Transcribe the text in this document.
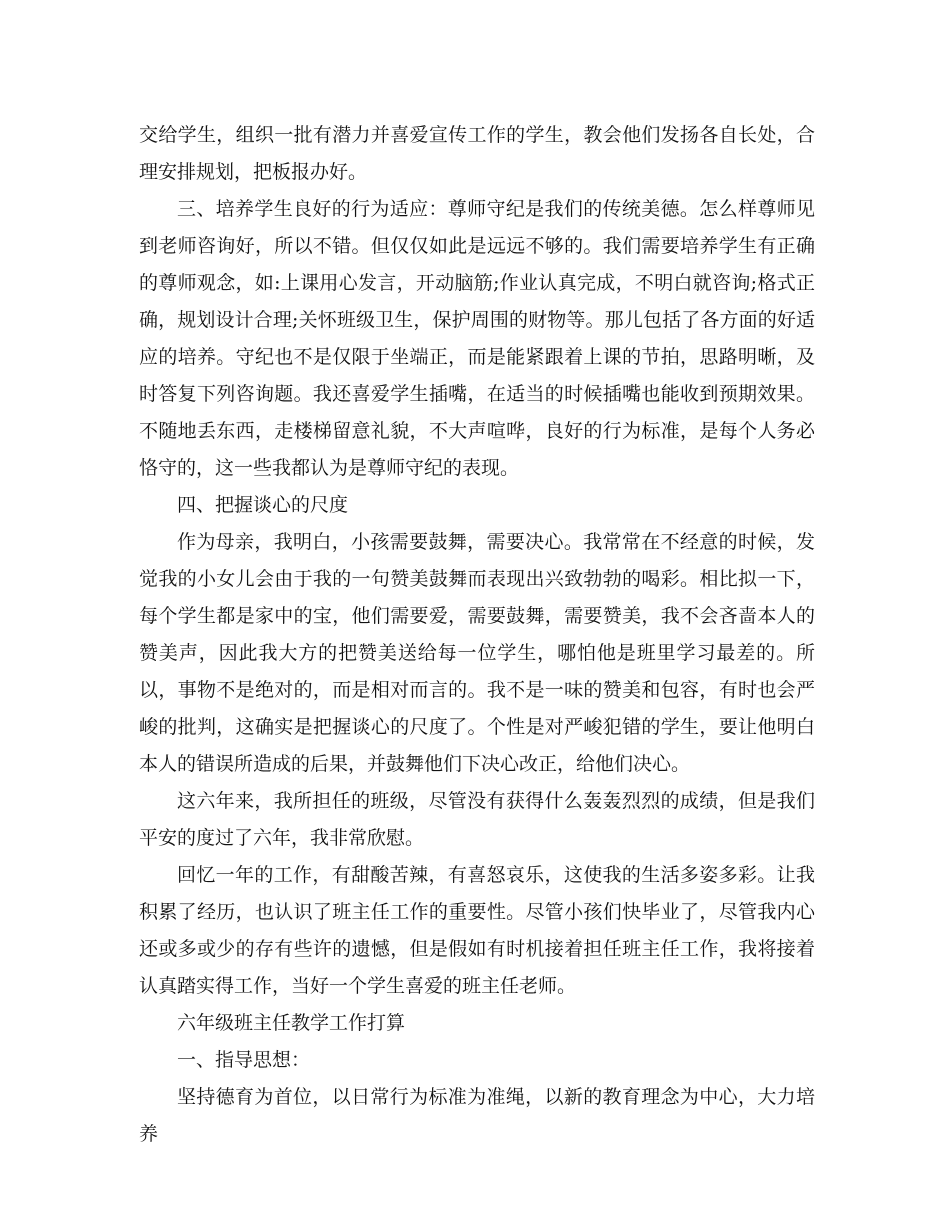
交给学生，组织一批有潜力并喜爱宣传工作的学生，教会他们发扬各自长处，合理安排规划，把板报办好。

三、培养学生良好的行为适应：尊师守纪是我们的传统美德。怎么样尊师见到老师咨询好，所以不错。但仅仅如此是远远不够的。我们需要培养学生有正确的尊师观念，如:上课用心发言，开动脑筋;作业认真完成，不明白就咨询;格式正确，规划设计合理;关怀班级卫生，保护周围的财物等。那儿包括了各方面的好适应的培养。守纪也不是仅限于坐端正，而是能紧跟着上课的节拍，思路明晰，及时答复下列咨询题。我还喜爱学生插嘴，在适当的时候插嘴也能收到预期效果。不随地丢东西，走楼梯留意礼貌，不大声喧哗，良好的行为标准，是每个人务必恪守的，这一些我都认为是尊师守纪的表现。

四、把握谈心的尺度

作为母亲，我明白，小孩需要鼓舞，需要决心。我常常在不经意的时候，发觉我的小女儿会由于我的一句赞美鼓舞而表现出兴致勃勃的喝彩。相比拟一下，每个学生都是家中的宝，他们需要爱，需要鼓舞，需要赞美，我不会吝啬本人的赞美声，因此我大方的把赞美送给每一位学生，哪怕他是班里学习最差的。所以，事物不是绝对的，而是相对而言的。我不是一味的赞美和包容，有时也会严峻的批判，这确实是把握谈心的尺度了。个性是对严峻犯错的学生，要让他明白本人的错误所造成的后果，并鼓舞他们下决心改正，给他们决心。

这六年来，我所担任的班级，尽管没有获得什么轰轰烈烈的成绩，但是我们平安的度过了六年，我非常欣慰。

回忆一年的工作，有甜酸苦辣，有喜怒哀乐，这使我的生活多姿多彩。让我积累了经历，也认识了班主任工作的重要性。尽管小孩们快毕业了，尽管我内心还或多或少的存有些许的遗憾，但是假如有时机接着担任班主任工作，我将接着认真踏实得工作，当好一个学生喜爱的班主任老师。

六年级班主任教学工作打算

一、指导思想：

坚持德育为首位，以日常行为标准为准绳，以新的教育理念为中心，大力培养
